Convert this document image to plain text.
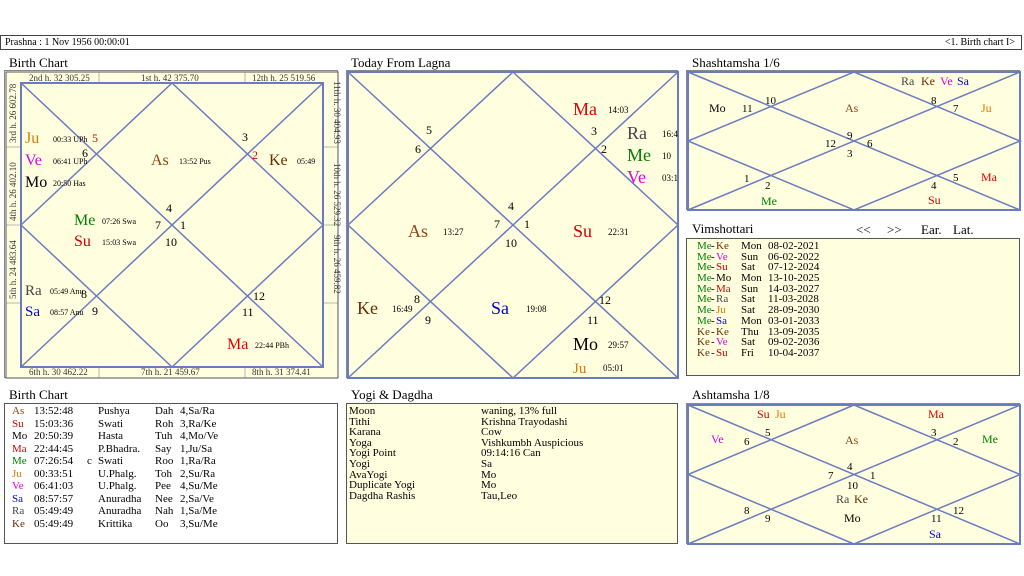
Prashna : 1 Nov 1956 00:00:01	<1. Birth chart I>
Birth Chart	Today From Lagna	Shashtamsha 1/6
Vimshottari
Birth Chart	Yogi & Dagdha	Ashtamsha 1/8
<< >> Ear. Lat.
2nd h. 32 305.25	1st h. 42 375.70	12th h. 25 519.56
3rd h. 26 602.78	11th h. 30 404.93
4th h. 26 402.10	10th h. 26 529.32
5th h. 24 483.64	9th h. 26 459.82
6th h. 30 462.22	7th h. 21 459.67	8th h. 31 374.41
3
2
5
6
4
7 1
10
8
9
12
11
Ju 00:33 UPh
Ve 06:41 UPh
Mo 20:50 Has
As 13:52 Pus	Ke 05:49
Me 07:26 Swa
Su 15:03 Swa
Ra 05:49 Anu
Sa 08:57 Anu
Ma 22:44 PBh
3
2
5
6
4
7 1
10
8
9
12
11
Ma 14:03
Ra 16:4
Me 10
Ve 03:1
As 13:27	Su 22:31
Ke 16:49	Sa 19:08
Mo 29:57
Ju 05:01
11
10	8
7
9
12	6
3
1
2	4
5
Mo	As
Ra Ke Ve Sa
Ju
Me
Ma
Su
Me - Ke Mon 08-02-2021
Me - Ve Sun 06-02-2022
Me - Su Sat 07-12-2024
Me - Mo Mon 13-10-2025
Me - Ma Sun 14-03-2027
Me - Ra Sat 11-03-2028
Me - Ju Sat 28-09-2030
Me - Sa Mon 03-01-2033
Ke - Ke Thu 13-09-2035
Ke - Ve Sat 09-02-2036
Ke - Su Fri 10-04-2037
As 13:52:48 Pushya Dah 4,Sa/Ra
Su 15:03:36 Swati	Roh 3,Ra/Ke
Mo 20:50:39 Hasta	Tuh 4,Mo/Ve
Ma 22:44:45 P.Bhadra. Say 1,Ju/Sa
Me 07:26:54 c Swati	Roo 1,Ra/Ra
Ju 00:33:51 U.Phalg. Toh 2,Su/Ra
Ve 06:41:03 U.Phalg. Pee 4,Su/Me
Sa 08:57:57 Anuradha Nee 2,Sa/Ve
Ra 05:49:49 Anuradha Nah 1,Sa/Me
Ke 05:49:49 Krittika Oo 3,Su/Me
Moon	waning, 13% full
Tithi	Krishna Trayodashi
Karana	Cow
Yoga	Vishkumbh Auspicious
Yogi Point	09:14:16 Can
Yogi	Sa
AvaYogi	Mo
Duplicate Yogi	Mo
Dagdha Rashis	Tau,Leo
6
5	3
2
4
7	1
10
8
9	11
12
Su Ju	Ma
Ve	As	Me
Ra Ke
Mo
Sa
